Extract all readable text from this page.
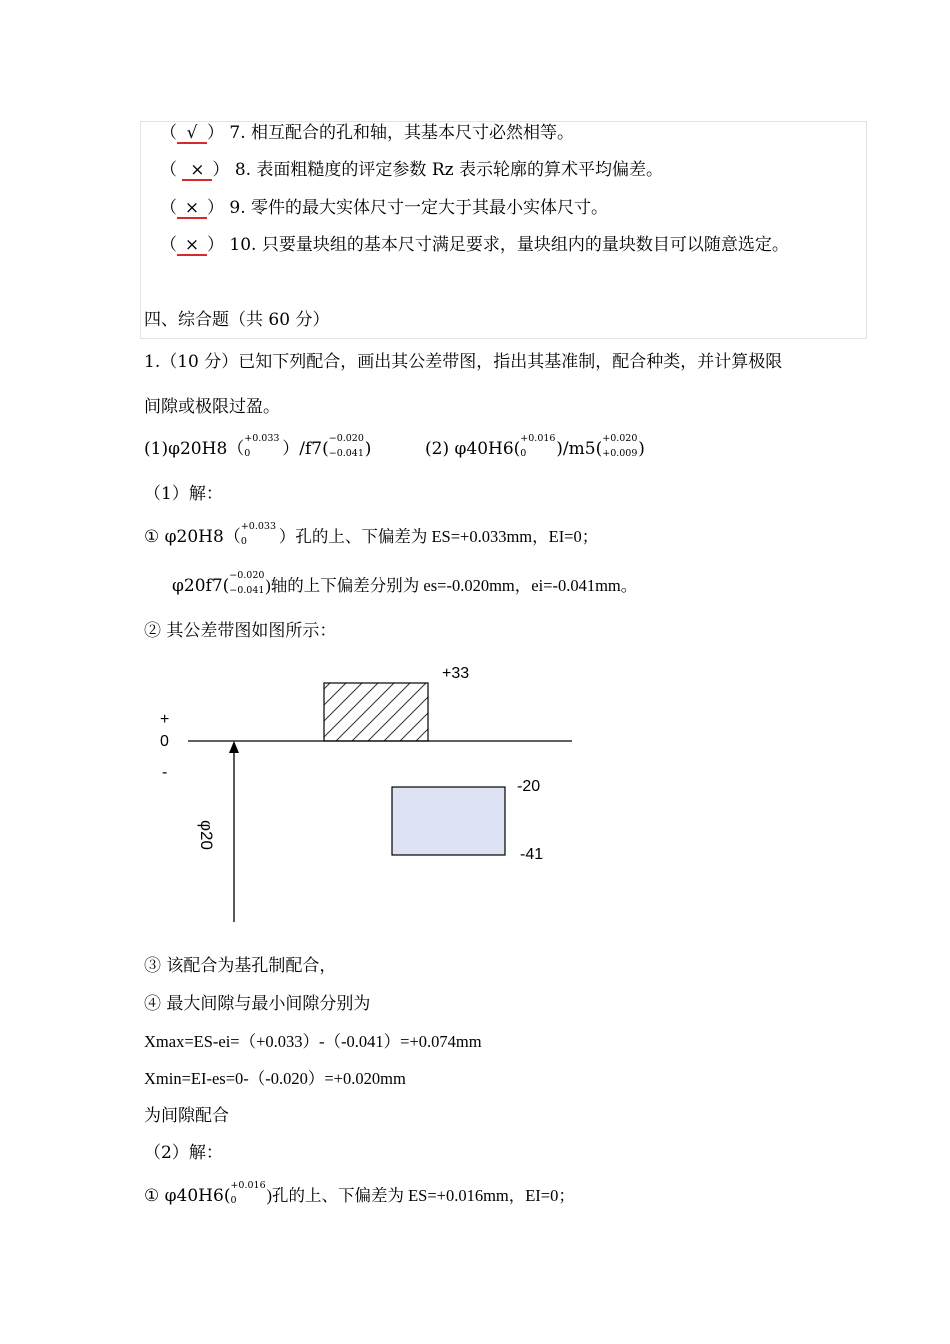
（ √ ） 7. 相互配合的孔和轴，其基本尺寸必然相等。
（ × ） 8. 表面粗糙度的评定参数 Rz 表示轮廓的算术平均偏差。
（ × ） 9. 零件的最大实体尺寸一定大于其最小实体尺寸。
（ × ） 10. 只要量块组的基本尺寸满足要求，量块组内的量块数目可以随意选定。
四、综合题（共 60 分）
1.（10 分）已知下列配合，画出其公差带图，指出其基准制，配合种类，并计算极限
间隙或极限过盈。
(1)φ20H8（
+0.033
0 ）/f7(
−0.020
−0.041 )	(2) φ40H6(
+0.016
0 )/m5(
+0.020
+0.009 )
（1）解：
① φ20H8（
+0.033
0 ）孔的上、下偏差为 ES=+0.033mm，EI=0；
φ20f7(
−0.020
−0.041 )轴的上下偏差分别为 es=-0.020mm，ei=-0.041mm。
② 其公差带图如图所示：
+
0
-
+33
-20
-41
φ20
③ 该配合为基孔制配合，
④ 最大间隙与最小间隙分别为
Xmax=ES-ei=（+0.033）-（-0.041）=+0.074mm
Xmin=EI-es=0-（-0.020）=+0.020mm
为间隙配合
（2）解：
① φ40H6(
+0.016
0 )孔的上、下偏差为 ES=+0.016mm，EI=0；
